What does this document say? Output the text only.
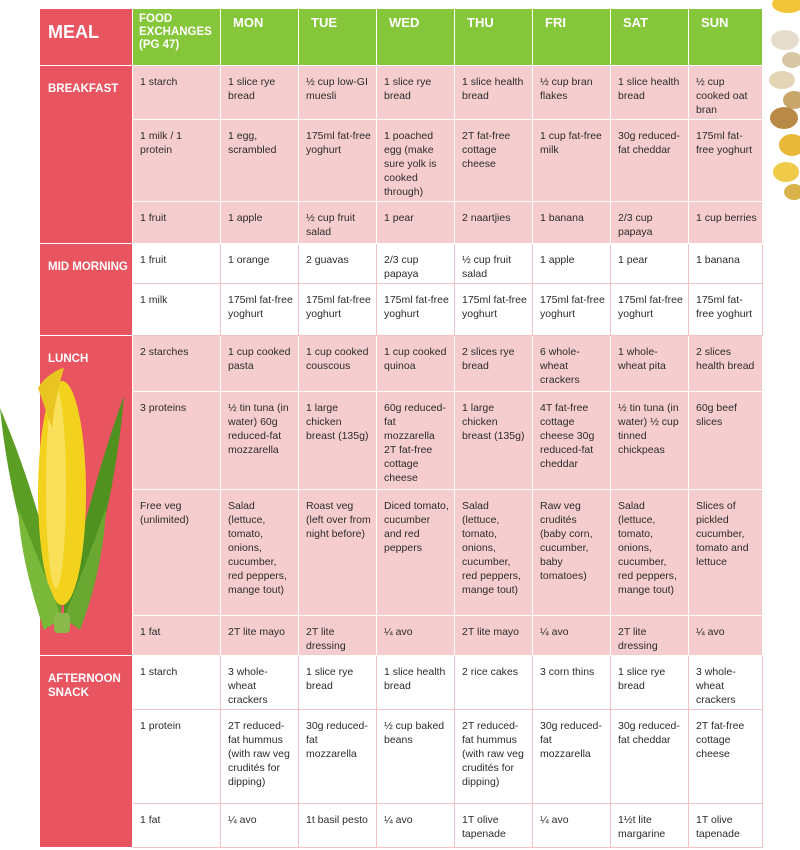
MEAL	FOOD EXCHANGES (PG 47)	MON	TUE	WED	THU	FRI	SAT	SUN
BREAKFAST	1 starch	1 slice rye bread	½ cup low-GI muesli	1 slice rye bread	1 slice health bread	½ cup bran flakes	1 slice health bread	½ cup cooked oat bran
	1 milk / 1 protein	1 egg, scrambled	175ml fat-free yoghurt	1 poached egg (make sure yolk is cooked through)	2T fat-free cottage cheese	1 cup fat-free milk	30g reduced-fat cheddar	175ml fat-free yoghurt
	1 fruit	1 apple	½ cup fruit salad	1 pear	2 naartjies	1 banana	2/3 cup papaya	1 cup berries
MID MORNING	1 fruit	1 orange	2 guavas	2/3 cup papaya	½ cup fruit salad	1 apple	1 pear	1 banana
	1 milk	175ml fat-free yoghurt	175ml fat-free yoghurt	175ml fat-free yoghurt	175ml fat-free yoghurt	175ml fat-free yoghurt	175ml fat-free yoghurt	175ml fat-free yoghurt
LUNCH	2 starches	1 cup cooked pasta	1 cup cooked couscous	1 cup cooked quinoa	2 slices rye bread	6 whole-wheat crackers	1 whole-wheat pita	2 slices health bread
	3 proteins	½ tin tuna (in water) 60g reduced-fat mozzarella	1 large chicken breast (135g)	60g reduced-fat mozzarella 2T fat-free cottage cheese	1 large chicken breast (135g)	4T fat-free cottage cheese 30g reduced-fat cheddar	½ tin tuna (in water) ½ cup tinned chickpeas	60g beef slices
	Free veg (unlimited)	Salad (lettuce, tomato, onions, cucumber, red peppers, mange tout)	Roast veg (left over from night before)	Diced tomato, cucumber and red peppers	Salad (lettuce, tomato, onions, cucumber, red peppers, mange tout)	Raw veg crudités (baby corn, cucumber, baby tomatoes)	Salad (lettuce, tomato, onions, cucumber, red peppers, mange tout)	Slices of pickled cucumber, tomato and lettuce
	1 fat	2T lite mayo	2T lite dressing	¼ avo	2T lite mayo	¼ avo	2T lite dressing	¼ avo
AFTERNOON SNACK	1 starch	3 whole-wheat crackers	1 slice rye bread	1 slice health bread	2 rice cakes	3 corn thins	1 slice rye bread	3 whole-wheat crackers
	1 protein	2T reduced-fat hummus (with raw veg crudités for dipping)	30g reduced-fat mozzarella	½ cup baked beans	2T reduced-fat hummus (with raw veg crudités for dipping)	30g reduced-fat mozzarella	30g reduced-fat cheddar	2T fat-free cottage cheese
	1 fat	¼ avo	1t basil pesto	¼ avo	1T olive tapenade	¼ avo	1½t lite margarine	1T olive tapenade
